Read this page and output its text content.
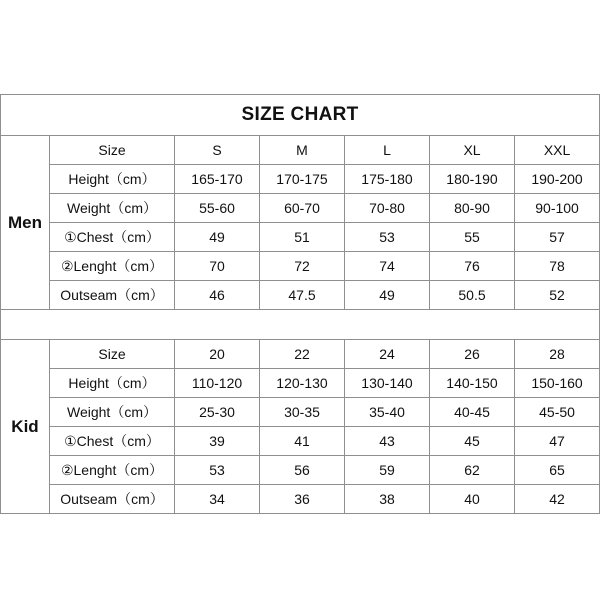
SIZE CHART						
Men	Size	S	M	L	XL	XXL
	Height（cm）	165-170	170-175	175-180	180-190	190-200
	Weight（cm）	55-60	60-70	70-80	80-90	90-100
	①Chest（cm）	49	51	53	55	57
	②Lenght（cm）	70	72	74	76	78
	Outseam（cm）	46	47.5	49	50.5	52

Kid	Size	20	22	24	26	28
	Height（cm）	110-120	120-130	130-140	140-150	150-160
	Weight（cm）	25-30	30-35	35-40	40-45	45-50
	①Chest（cm）	39	41	43	45	47
	②Lenght（cm）	53	56	59	62	65
	Outseam（cm）	34	36	38	40	42
